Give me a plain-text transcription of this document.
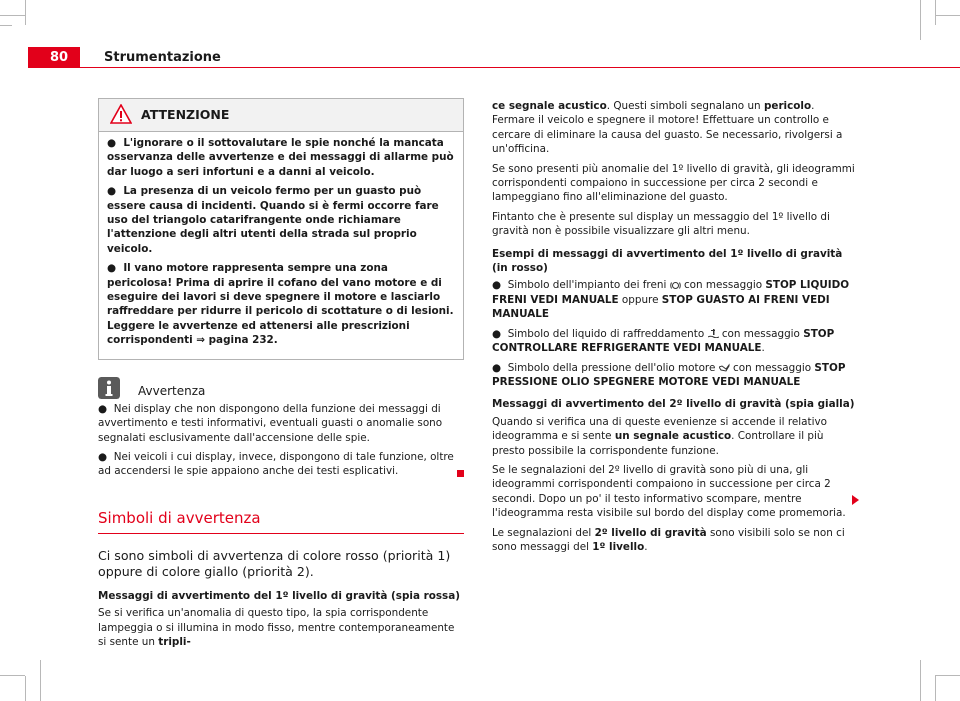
80	Strumentazione
ATTENZIONE

●  L'ignorare o il sottovalutare le spie nonché la mancata osservanza delle avvertenze e dei messaggi di allarme può dar luogo a seri infortuni e a danni al veicolo.

●  La presenza di un veicolo fermo per un guasto può essere causa di incidenti. Quando si è fermi occorre fare uso del triangolo catarifrangente onde richiamare l'attenzione degli altri utenti della strada sul proprio veicolo.

●  Il vano motore rappresenta sempre una zona pericolosa! Prima di aprire il cofano del vano motore e di eseguire dei lavori si deve spegnere il motore e lasciarlo raffreddare per ridurre il pericolo di scottature o di lesioni. Leggere le avvertenze ed attenersi alle prescrizioni corrispondenti ⇒ pagina 232.

Avvertenza

●  Nei display che non dispongono della funzione dei messaggi di avvertimento e testi informativi, eventuali guasti o anomalie sono segnalati esclusivamente dall'accensione delle spie.

●  Nei veicoli i cui display, invece, dispongono di tale funzione, oltre ad accendersi le spie appaiono anche dei testi esplicativi.

Simboli di avvertenza
Ci sono simboli di avvertenza di colore rosso (priorità 1) oppure di colore giallo (priorità 2).
Messaggi di avvertimento del 1º livello di gravità (spia rossa)
Se si verifica un'anomalia di questo tipo, la spia corrispondente lampeggia o si illumina in modo fisso, mentre contemporaneamente si sente un tripli-

ce segnale acustico. Questi simboli segnalano un pericolo. Fermare il veicolo e spegnere il motore! Effettuare un controllo e cercare di eliminare la causa del guasto. Se necessario, rivolgersi a un'officina.

Se sono presenti più anomalie del 1º livello di gravità, gli ideogrammi corrispondenti compaiono in successione per circa 2 secondi e lampeggiano fino all'eliminazione del guasto.

Fintanto che è presente sul display un messaggio del 1º livello di gravità non è possibile visualizzare gli altri menu.

Esempi di messaggi di avvertimento del 1º livello di gravità (in rosso)

●  Simbolo dell'impianto dei freni con messaggio STOP LIQUIDO FRENI VEDI MANUALE oppure STOP GUASTO AI FRENI VEDI MANUALE

●  Simbolo del liquido di raffreddamento con messaggio STOP CONTROLLARE REFRIGERANTE VEDI MANUALE.

●  Simbolo della pressione dell'olio motore con messaggio STOP PRESSIONE OLIO SPEGNERE MOTORE VEDI MANUALE

Messaggi di avvertimento del 2º livello di gravità (spia gialla)

Quando si verifica una di queste evenienze si accende il relativo ideogramma e si sente un segnale acustico. Controllare il più presto possibile la corrispondente funzione.

Se le segnalazioni del 2º livello di gravità sono più di una, gli ideogrammi corrispondenti compaiono in successione per circa 2 secondi. Dopo un po' il testo informativo scompare, mentre l'ideogramma resta visibile sul bordo del display come promemoria.

Le segnalazioni del 2º livello di gravità sono visibili solo se non ci sono messaggi del 1º livello.
